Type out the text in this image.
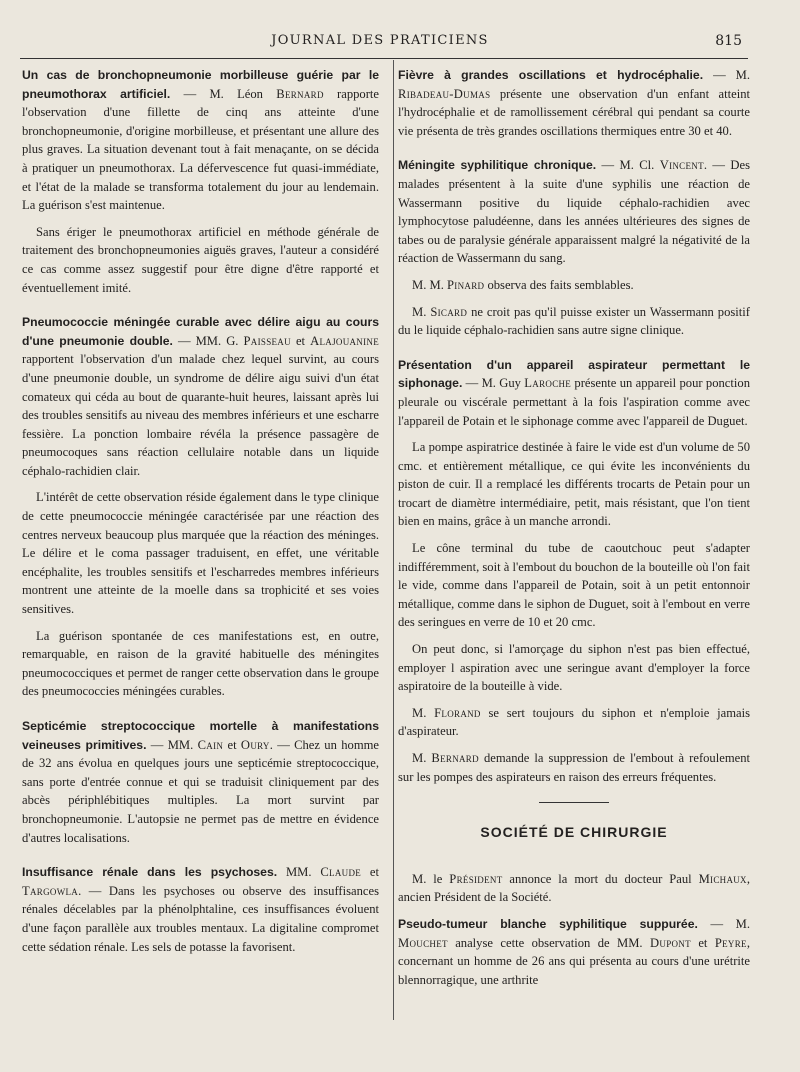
JOURNAL DES PRATICIENS	815

Un cas de bronchopneumonie morbilleuse guérie par le pneumothorax artificiel. — M. Léon Bernard rapporte l'observation d'une fillette de cinq ans atteinte d'une bronchopneumonie, d'origine morbilleuse, et présentant une allure des plus graves. La situation devenant tout à fait menaçante, on se décida à pratiquer un pneumothorax. La défervescence fut quasi-immédiate, et l'état de la malade se transforma totalement du jour au lendemain. La guérison s'est maintenue.

Sans ériger le pneumothorax artificiel en méthode générale de traitement des bronchopneumonies aiguës graves, l'auteur a considéré ce cas comme assez suggestif pour être digne d'être rapporté et éventuellement imité.

Pneumococcie méningée curable avec délire aigu au cours d'une pneumonie double. — MM. G. Paisseau et Alajouanine rapportent l'observation d'un malade chez lequel survint, au cours d'une pneumonie double, un syndrome de délire aigu suivi d'un état comateux qui céda au bout de quarante-huit heures, laissant après lui des troubles sensitifs au niveau des membres inférieurs et une escharre fessière. La ponction lombaire révéla la présence passagère de pneumocoques sans réaction cellulaire notable dans un liquide céphalo-rachidien clair.

L'intérêt de cette observation réside également dans le type clinique de cette pneumococcie méningée caractérisée par une réaction des centres nerveux beaucoup plus marquée que la réaction des méninges. Le délire et le coma passager traduisent, en effet, une véritable encéphalite, les troubles sensitifs et l'escharredes membres inférieurs montrent une atteinte de la moelle dans sa trophicité et ses voies sensitives.

La guérison spontanée de ces manifestations est, en outre, remarquable, en raison de la gravité habituelle des méningites pneumococciques et permet de ranger cette observation dans le groupe des pneumococcies méningées curables.

Septicémie streptococcique mortelle à manifestations veineuses primitives. — MM. Cain et Oury. — Chez un homme de 32 ans évolua en quelques jours une septicémie streptococcique, sans porte d'entrée connue et qui se traduisit cliniquement par des abcès périphlébitiques multiples. La mort survint par bronchopneumonie. L'autopsie ne permet pas de mettre en évidence d'autres localisations.

Insuffisance rénale dans les psychoses. MM. Claude et Targowla. — Dans les psychoses ou observe des insuffisances rénales décelables par la phénolphtaline, ces insuffisances évoluent d'une façon parallèle aux troubles mentaux. La digitaline compromet cette sédation rénale. Les sels de potasse la favorisent.

Fièvre à grandes oscillations et hydrocéphalie. — M. Ribadeau-Dumas présente une observation d'un enfant atteint l'hydrocéphalie et de ramollissement cérébral qui pendant sa courte vie présenta de très grandes oscillations thermiques entre 30 et 40.

Méningite syphilitique chronique. — M. Cl. Vincent. — Des malades présentent à la suite d'une syphilis une réaction de Wassermann positive du liquide céphalo-rachidien avec lymphocytose paludéenne, dans les années ultérieures des signes de tabes ou de paralysie générale apparaissent malgré la négativité de la réaction de Wassermann du sang.

M. M. Pinard observa des faits semblables.

M. Sicard ne croit pas qu'il puisse exister un Wassermann positif du le liquide céphalo-rachidien sans autre signe clinique.

Présentation d'un appareil aspirateur permettant le siphonage. — M. Guy Laroche présente un appareil pour ponction pleurale ou viscérale permettant à la fois l'aspiration comme avec l'appareil de Potain et le siphonage comme avec l'appareil de Duguet.

La pompe aspiratrice destinée à faire le vide est d'un volume de 50 cmc. et entièrement métallique, ce qui évite les inconvénients du piston de cuir. Il a remplacé les différents trocarts de Petain pour un trocart de diamètre intermédiaire, petit, mais résistant, que l'on tient bien en mains, grâce à un manche arrondi.

Le cône terminal du tube de caoutchouc peut s'adapter indifféremment, soit à l'embout du bouchon de la bouteille où l'on fait le vide, comme dans l'appareil de Potain, soit à un petit entonnoir métallique, comme dans le siphon de Duguet, soit à l'embout en verre des seringues en verre de 10 et 20 cmc.

On peut donc, si l'amorçage du siphon n'est pas bien effectué, employer l aspiration avec une seringue avant d'employer la force aspiratoire de la bouteille à vide.

M. Florand se sert toujours du siphon et n'emploie jamais d'aspirateur.

M. Bernard demande la suppression de l'embout à refoulement sur les pompes des aspirateurs en raison des erreurs fréquentes.

SOCIÉTÉ DE CHIRURGIE

M. le Président annonce la mort du docteur Paul Michaux, ancien Président de la Société.

Pseudo-tumeur blanche syphilitique suppurée. — M. Mouchet analyse cette observation de MM. Dupont et Peyre, concernant un homme de 26 ans qui présenta au cours d'une urétrite blennorragique, une arthrite
